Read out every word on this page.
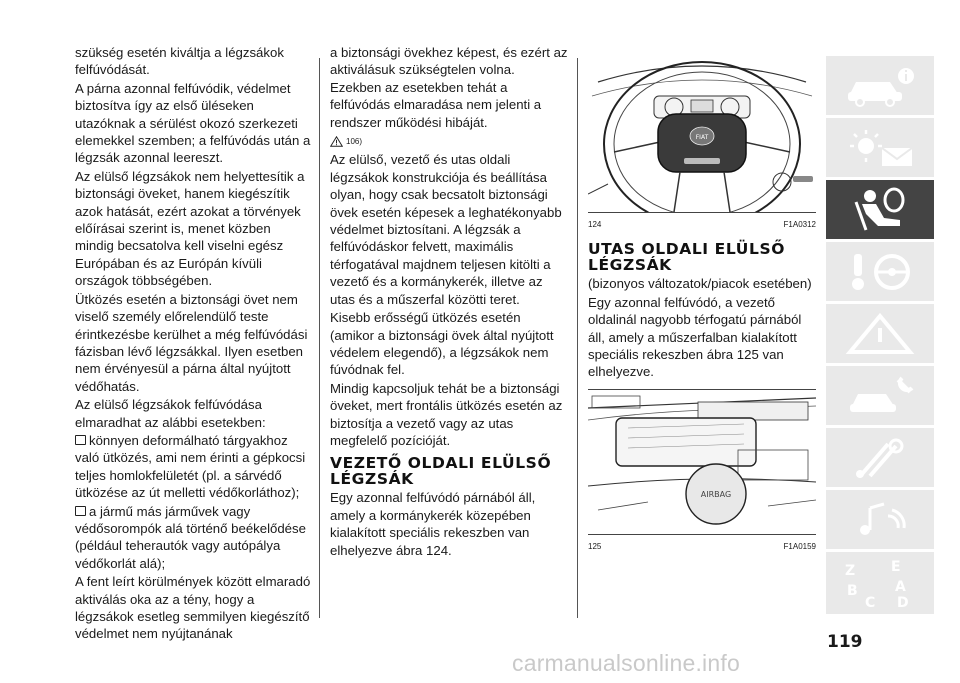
szükség esetén kiváltja a légzsákok felfúvódását.

A párna azonnal felfúvódik, védelmet biztosítva így az első üléseken utazóknak a sérülést okozó szerkezeti elemekkel szemben; a felfúvódás után a légzsák azonnal leereszt.

Az elülső légzsákok nem helyettesítik a biztonsági öveket, hanem kiegészítik azok hatását, ezért azokat a törvények előírásai szerint is, menet közben mindig becsatolva kell viselni egész Európában és az Európán kívüli országok többségében.

Ütközés esetén a biztonsági övet nem viselő személy előrelendülő teste érintkezésbe kerülhet a még felfúvódási fázisban lévő légzsákkal. Ilyen esetben nem érvényesül a párna által nyújtott védőhatás.

Az elülső légzsákok felfúvódása elmaradhat az alábbi esetekben:

könnyen deformálható tárgyakhoz való ütközés, ami nem érinti a gépkocsi teljes homlokfelületét (pl. a sárvédő ütközése az út melletti védőkorláthoz);

a jármű más járművek vagy védősorompók alá történő beékelődése (például teherautók vagy autópálya védőkorlát alá);

A fent leírt körülmények között elmaradó aktiválás oka az a tény, hogy a légzsákok esetleg semmilyen kiegészítő védelmet nem nyújtanának

a biztonsági övekhez képest, és ezért az aktiválásuk szükségtelen volna. Ezekben az esetekben tehát a felfúvódás elmaradása nem jelenti a rendszer működési hibáját.

106)

Az elülső, vezető és utas oldali légzsákok konstrukciója és beállítása olyan, hogy csak becsatolt biztonsági övek esetén képesek a leghatékonyabb védelmet biztosítani. A légzsák a felfúvódáskor felvett, maximális térfogatával majdnem teljesen kitölti a vezető és a kormánykerék, illetve az utas és a műszerfal közötti teret.

Kisebb erősségű ütközés esetén (amikor a biztonsági övek által nyújtott védelem elegendő), a légzsákok nem fúvódnak fel.

Mindig kapcsoljuk tehát be a biztonsági öveket, mert frontális ütközés esetén az biztosítja a vezető vagy az utas megfelelő pozícióját.

VEZETŐ OLDALI ELÜLSŐ LÉGZSÁK

Egy azonnal felfúvódó párnából áll, amely a kormánykerék közepében kialakított speciális rekeszben van elhelyezve ábra 124.

FIAT
124	F1A0312
UTAS OLDALI ELÜLSŐ LÉGZSÁK

(bizonyos változatok/piacok esetében)

Egy azonnal felfúvódó, a vezető oldalinál nagyobb térfogatú párnából áll, amely a műszerfalban kialakított speciális rekeszben ábra 125 van elhelyezve.

AIRBAG
125	F1A0159
Z	E
B	A
C D
119
carmanualsonline.info
